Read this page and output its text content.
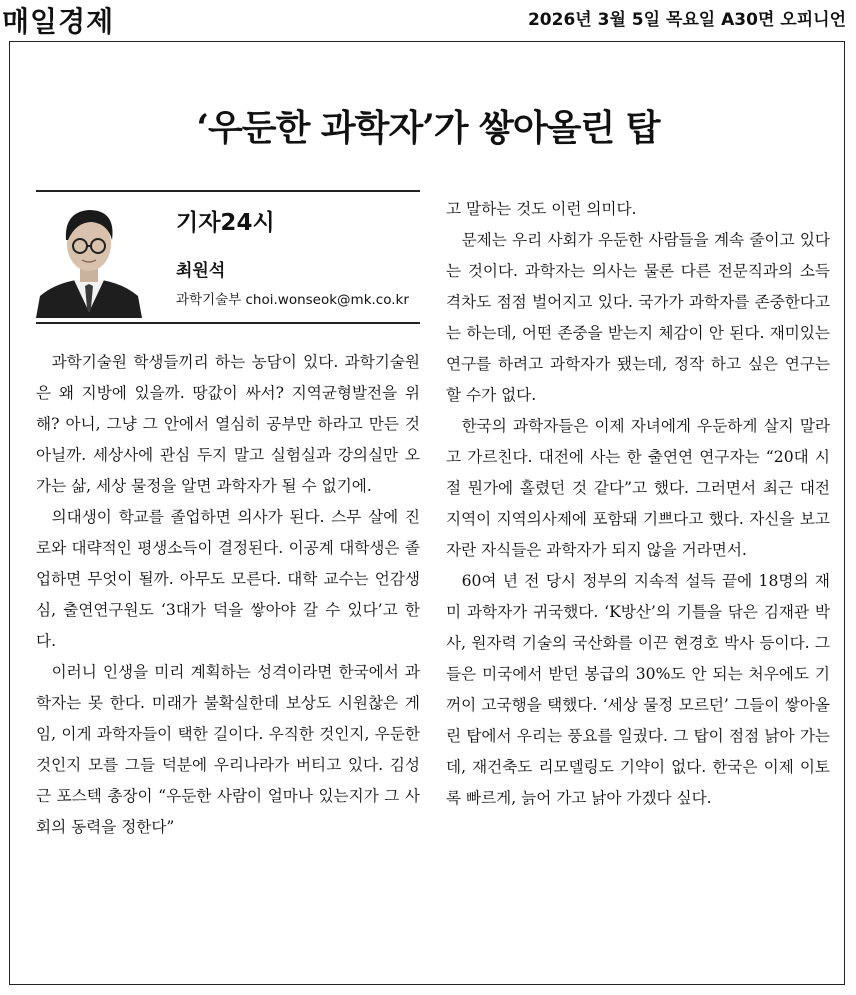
매일경제	2026년 3월 5일 목요일 A30면 오피니언
‘우둔한 과학자’가 쌓아올린 탑
기자24시
최원석
과학기술부 choi.wonseok@mk.co.kr

과학기술원 학생들끼리 하는 농담이 있다. 과학기술원은 왜 지방에 있을까. 땅값이 싸서? 지역균형발전을 위해? 아니, 그냥 그 안에서 열심히 공부만 하라고 만든 것 아닐까. 세상사에 관심 두지 말고 실험실과 강의실만 오가는 삶, 세상 물정을 알면 과학자가 될 수 없기에.

의대생이 학교를 졸업하면 의사가 된다. 스무 살에 진로와 대략적인 평생소득이 결정된다. 이공계 대학생은 졸업하면 무엇이 될까. 아무도 모른다. 대학 교수는 언감생심, 출연연구원도 ‘3대가 덕을 쌓아야 갈 수 있다’고 한다.

이러니 인생을 미리 계획하는 성격이라면 한국에서 과학자는 못 한다. 미래가 불확실한데 보상도 시원찮은 게임, 이게 과학자들이 택한 길이다. 우직한 것인지, 우둔한 것인지 모를 그들 덕분에 우리나라가 버티고 있다. 김성근 포스텍 총장이 “우둔한 사람이 얼마나 있는지가 그 사회의 동력을 정한다”

고 말하는 것도 이런 의미다.

문제는 우리 사회가 우둔한 사람들을 계속 줄이고 있다는 것이다. 과학자는 의사는 물론 다른 전문직과의 소득 격차도 점점 벌어지고 있다. 국가가 과학자를 존중한다고는 하는데, 어떤 존중을 받는지 체감이 안 된다. 재미있는 연구를 하려고 과학자가 됐는데, 정작 하고 싶은 연구는 할 수가 없다.

한국의 과학자들은 이제 자녀에게 우둔하게 살지 말라고 가르친다. 대전에 사는 한 출연연 연구자는 “20대 시절 뭔가에 홀렸던 것 같다”고 했다. 그러면서 최근 대전 지역이 지역의사제에 포함돼 기쁘다고 했다. 자신을 보고 자란 자식들은 과학자가 되지 않을 거라면서.

60여 년 전 당시 정부의 지속적 설득 끝에 18명의 재미 과학자가 귀국했다. ‘K방산’의 기틀을 닦은 김재관 박사, 원자력 기술의 국산화를 이끈 현경호 박사 등이다. 그들은 미국에서 받던 봉급의 30%도 안 되는 처우에도 기꺼이 고국행을 택했다. ‘세상 물정 모르던’ 그들이 쌓아올린 탑에서 우리는 풍요를 일궜다. 그 탑이 점점 낡아 가는데, 재건축도 리모델링도 기약이 없다. 한국은 이제 이토록 빠르게, 늙어 가고 낡아 가겠다 싶다.
